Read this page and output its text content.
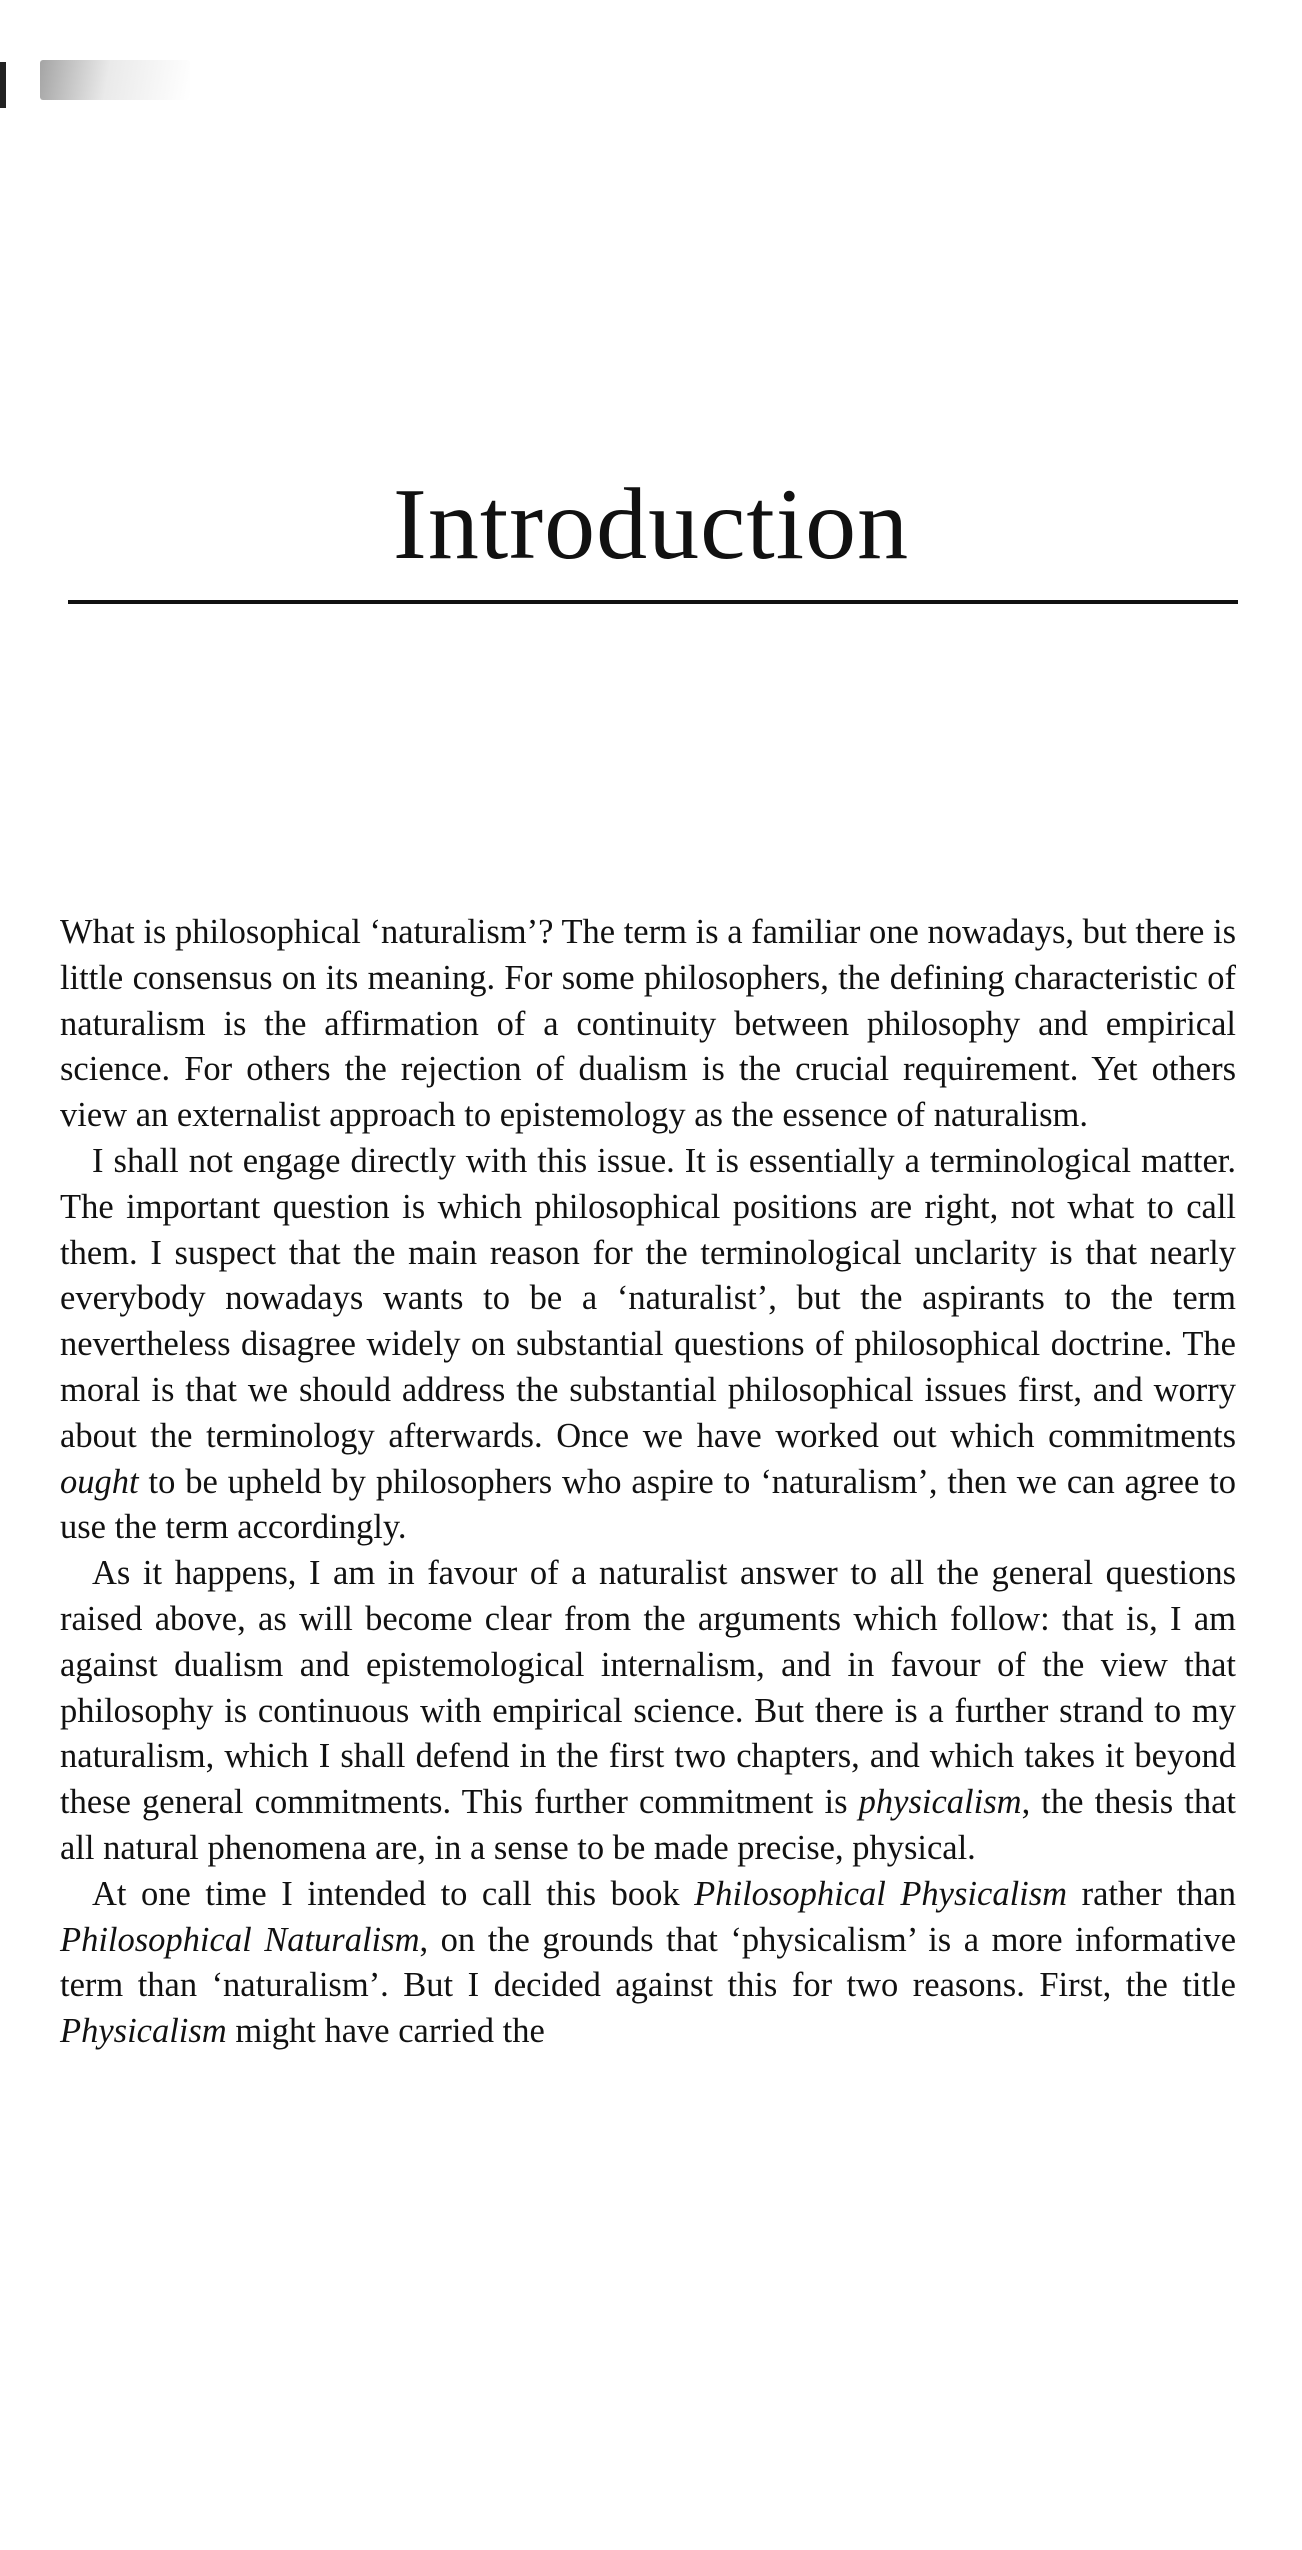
Introduction

What is philosophical ‘naturalism’? The term is a familiar one nowadays, but there is little consensus on its meaning. For some philosophers, the defining characteristic of naturalism is the affirmation of a continuity between philosophy and empirical science. For others the rejection of dualism is the crucial requirement. Yet others view an externalist approach to epistemology as the essence of naturalism.

I shall not engage directly with this issue. It is essentially a terminological matter. The important question is which philosophical positions are right, not what to call them. I suspect that the main reason for the terminological unclarity is that nearly everybody nowadays wants to be a ‘naturalist’, but the aspirants to the term nevertheless disagree widely on substantial questions of philosophical doctrine. The moral is that we should address the substantial philosophical issues first, and worry about the terminology afterwards. Once we have worked out which commitments ought to be upheld by philosophers who aspire to ‘naturalism’, then we can agree to use the term accordingly.

As it happens, I am in favour of a naturalist answer to all the general questions raised above, as will become clear from the arguments which follow: that is, I am against dualism and epistemological internalism, and in favour of the view that philosophy is continuous with empirical science. But there is a further strand to my naturalism, which I shall defend in the first two chapters, and which takes it beyond these general commitments. This further commitment is physicalism, the thesis that all natural phenomena are, in a sense to be made precise, physical.

At one time I intended to call this book Philosophical Physicalism rather than Philosophical Naturalism, on the grounds that ‘physicalism’ is a more informative term than ‘naturalism’. But I decided against this for two reasons. First, the title Physicalism might have carried the
